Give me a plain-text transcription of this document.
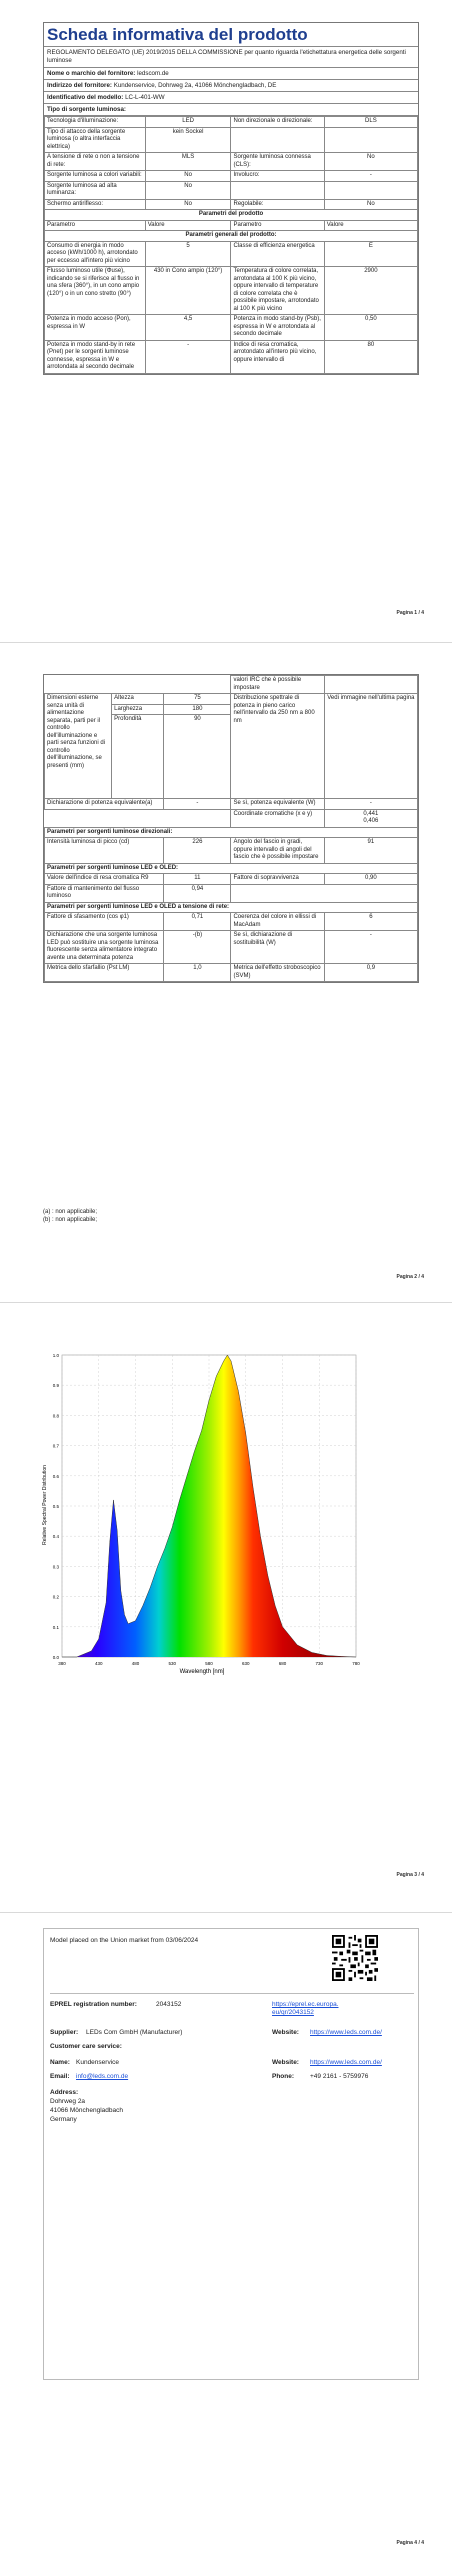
Scheda informativa del prodotto
REGOLAMENTO DELEGATO (UE) 2019/2015 DELLA COMMISSIONE per quanto riguarda l'etichettatura energetica delle sorgenti luminose
Nome o marchio del fornitore: ledscom.de
Indirizzo del fornitore: Kundenservice, Dohrweg 2a, 41066 Mönchengladbach, DE
Identificativo del modello: LC-L-401-WW
Tipo di sorgente luminosa:
Tecnologia d'illuminazione:	LED	Non direzionale o direzionale:	DLS
Tipo di attacco della sorgente luminosa (o altra interfaccia elettrica)	kein Sockel		
A tensione di rete o non a tensione di rete:	MLS	Sorgente luminosa connessa (CLS):	No
Sorgente luminosa a colori variabili:	No	Involucro:	-
Sorgente luminosa ad alta luminanza:	No		
Schermo antiriflesso:	No	Regolabile:	No
Parametri del prodotto			
Parametro	Valore	Parametro	Valore
Parametri generali del prodotto:			
Consumo di energia in modo acceso (kWh/1000 h), arrotondato per eccesso all'intero più vicino	5	Classe di efficienza energetica	E
Flusso luminoso utile (Φuse), indicando se si riferisce al flusso in una sfera (360°), in un cono ampio (120°) o in un cono stretto (90°)	430 in Cono ampio (120°)	Temperatura di colore correlata, arrotondata al 100 K più vicino, oppure intervallo di temperature di colore correlata che è possibile impostare, arrotondato al 100 K più vicino	2900
Potenza in modo acceso (Pon), espressa in W	4,5	Potenza in modo stand-by (Psb), espressa in W e arrotondata al secondo decimale	0,50
Potenza in modo stand-by in rete (Pnet) per le sorgenti luminose connesse, espressa in W e arrotondata al secondo decimale	-	Indice di resa cromatica, arrotondato all'intero più vicino, oppure intervallo di	80
Pagina 1 / 4
			valori IRC che è possibile impostare	
Dimensioni esterne senza unità di alimentazione separata, parti per il controllo dell'illuminazione e parti senza funzioni di controllo dell'illuminazione, se presenti (mm)	Altezza	75	Distribuzione spettrale di potenza in pieno carico nell'intervallo da 250 nm a 800 nm	Vedi immagine nell'ultima pagina
	Larghezza	180		
	Profondità	90		
Dichiarazione di potenza equivalente(a)		-	Se sì, potenza equivalente (W)	-
			Coordinate cromatiche (x e y)	0,441
0,406
Parametri per sorgenti luminose direzionali:				
Intensità luminosa di picco (cd)		226	Angolo del fascio in gradi, oppure intervallo di angoli del fascio che è possibile impostare	91
Parametri per sorgenti luminose LED e OLED:				
Valore dell'indice di resa cromatica R9		11	Fattore di sopravvivenza	0,90
Fattore di mantenimento del flusso luminoso		0,94		
Parametri per sorgenti luminose LED e OLED a tensione di rete:				
Fattore di sfasamento (cos φ1)		0,71	Coerenza del colore in ellissi di MacAdam	6
Dichiarazione che una sorgente luminosa LED può sostituire una sorgente luminosa fluorescente senza alimentatore integrato avente una determinata potenza		-(b)	Se sì, dichiarazione di sostituibilità (W)	-
Metrica dello sfarfallio (Pst LM)		1,0	Metrica dell'effetto stroboscopico (SVM)	0,9
(a) : non applicabile;
(b) : non applicabile;
Pagina 2 / 4
Pagina 3 / 4
380	430	480	530	580	630	680	730	780
0.0
0.1
0.2
0.3
0.4
0.5
0.6
0.7
0.8
0.9
1.0
Wavelength [nm]
Relative Spectral Power Distribution
Model placed on the Union market from 03/06/2024
EPREL registration number:	2043152	https://eprel.ec.europa.eu/qr/2043152
Supplier: LEDs Com GmbH (Manufacturer)	Website: https://www.leds.com.de/
Customer care service:
Name: Kundenservice	Website: https://www.leds.com.de/
Email: info@leds.com.de	Phone: +49 2161 - 5759976
Address:
Dohrweg 2a
41066 Mönchengladbach
Germany
Pagina 4 / 4
